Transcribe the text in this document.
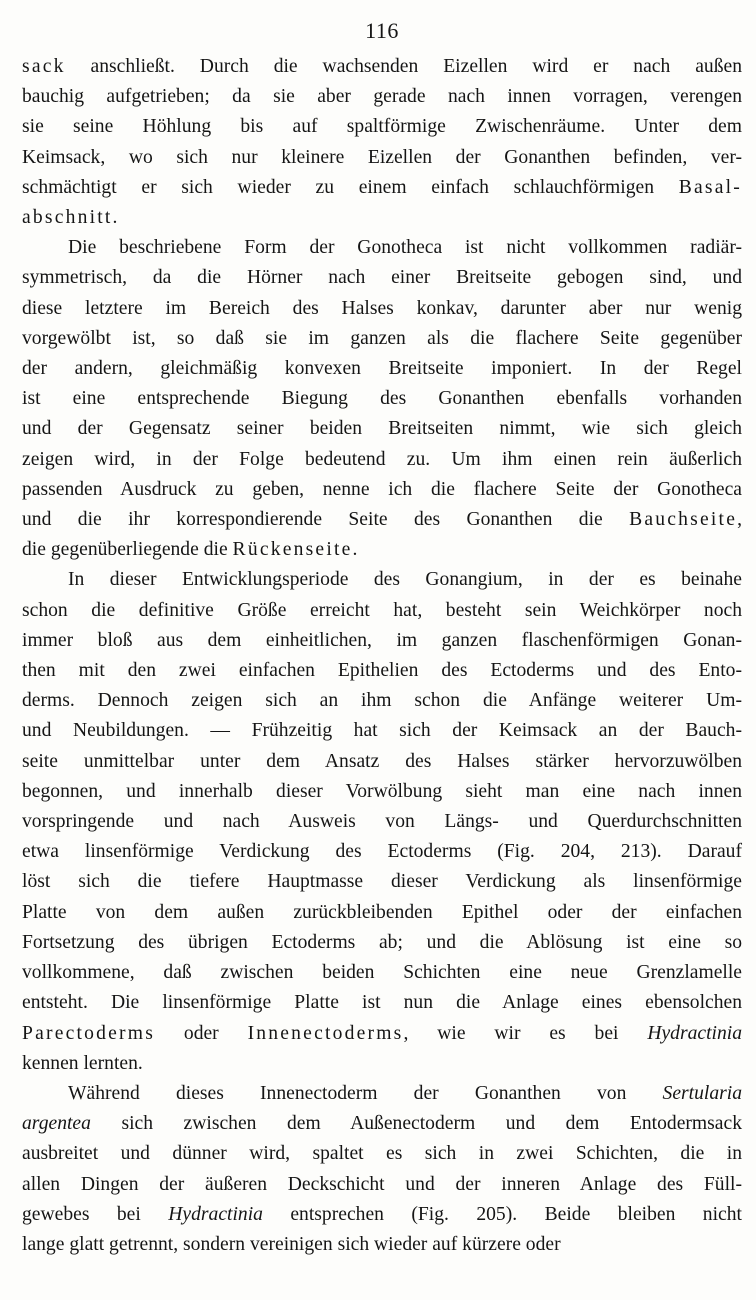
116
sack anschließt. Durch die wachsenden Eizellen wird er nach außen
bauchig aufgetrieben; da sie aber gerade nach innen vorragen, verengen
sie seine Höhlung bis auf spaltförmige Zwischenräume. Unter dem
Keimsack, wo sich nur kleinere Eizellen der Gonanthen befinden, ver-
schmächtigt er sich wieder zu einem einfach schlauchförmigen Basal-
abschnitt.
Die beschriebene Form der Gonotheca ist nicht vollkommen radiär-
symmetrisch, da die Hörner nach einer Breitseite gebogen sind, und
diese letztere im Bereich des Halses konkav, darunter aber nur wenig
vorgewölbt ist, so daß sie im ganzen als die flachere Seite gegenüber
der andern, gleichmäßig konvexen Breitseite imponiert. In der Regel
ist eine entsprechende Biegung des Gonanthen ebenfalls vorhanden
und der Gegensatz seiner beiden Breitseiten nimmt, wie sich gleich
zeigen wird, in der Folge bedeutend zu. Um ihm einen rein äußerlich
passenden Ausdruck zu geben, nenne ich die flachere Seite der Gonotheca
und die ihr korrespondierende Seite des Gonanthen die Bauchseite,
die gegenüberliegende die Rückenseite.
In dieser Entwicklungsperiode des Gonangium, in der es beinahe
schon die definitive Größe erreicht hat, besteht sein Weichkörper noch
immer bloß aus dem einheitlichen, im ganzen flaschenförmigen Gonan-
then mit den zwei einfachen Epithelien des Ectoderms und des Ento-
derms. Dennoch zeigen sich an ihm schon die Anfänge weiterer Um-
und Neubildungen. — Frühzeitig hat sich der Keimsack an der Bauch-
seite unmittelbar unter dem Ansatz des Halses stärker hervorzuwölben
begonnen, und innerhalb dieser Vorwölbung sieht man eine nach innen
vorspringende und nach Ausweis von Längs- und Querdurchschnitten
etwa linsenförmige Verdickung des Ectoderms (Fig. 204, 213). Darauf
löst sich die tiefere Hauptmasse dieser Verdickung als linsenförmige
Platte von dem außen zurückbleibenden Epithel oder der einfachen
Fortsetzung des übrigen Ectoderms ab; und die Ablösung ist eine so
vollkommene, daß zwischen beiden Schichten eine neue Grenzlamelle
entsteht. Die linsenförmige Platte ist nun die Anlage eines ebensolchen
Parectoderms oder Innenectoderms, wie wir es bei Hydractinia
kennen lernten.
Während dieses Innenectoderm der Gonanthen von Sertularia
argentea sich zwischen dem Außenectoderm und dem Entodermsack
ausbreitet und dünner wird, spaltet es sich in zwei Schichten, die in
allen Dingen der äußeren Deckschicht und der inneren Anlage des Füll-
gewebes bei Hydractinia entsprechen (Fig. 205). Beide bleiben nicht
lange glatt getrennt, sondern vereinigen sich wieder auf kürzere oder
